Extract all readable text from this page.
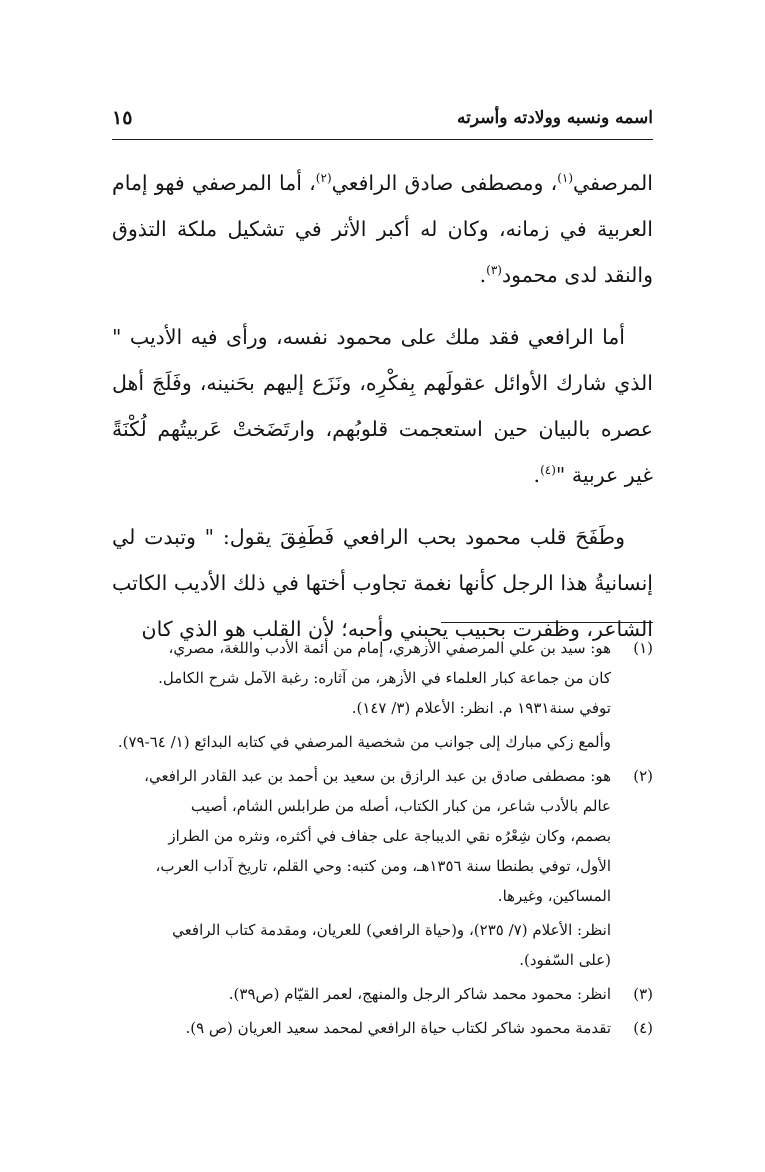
اسمه ونسبه وولادته وأسرته
١٥

المرصفي$^{(١)}$، ومصطفى صادق الرافعي$^{(٢)}$، أما المرصفي فهو إمام العربية في زمانه، وكان له أكبر الأثر في تشكيل ملكة التذوق والنقد لدى محمود$^{(٣)}$.

أما الرافعي فقد ملك على محمود نفسه، ورأى فيه الأديب " الذي شارك الأوائل عقولَهم بِفكْرِه، ونَزَع إليهم بحَنينه، وفَلَجَ أهل عصره بالبيان حين استعجمت قلوبُهم، وارتَضَختْ عَربيتُهم لُكْنَةً غير عربية "$^{(٤)}$.

وطَفَحَ قلب محمود بحب الرافعي فَطَفِقَ يقول: " وتبدت لي إنسانيةُ هذا الرجل كأنها نغمة تجاوب أختها في ذلك الأديب الكاتب الشاعر، وظفرت بحبيب يحبني وأحبه؛ لأن القلب هو الذي كان

(١)
هو: سيد بن علي المرصفي الأزهري، إمام من أئمة الأدب واللغة، مصري،
كان من جماعة كبار العلماء في الأزهر، من آثاره: رغبة الآمل شرح الكامل.
توفي سنة١٩٣١ م. انظر: الأعلام (٣/ ١٤٧).
وألمع زكي مبارك إلى جوانب من شخصية المرصفي في كتابه البدائع (١/ ٦٤-٧٩).
(٢)
هو: مصطفى صادق بن عبد الرازق بن سعيد بن أحمد بن عبد القادر الرافعي،
عالم بالأدب شاعر، من كبار الكتاب، أصله من طرابلس الشام، أصيب
بصمم، وكان شِعْرُه نقي الديباجة على جفاف في أكثره، ونثره من الطراز
الأول، توفي بطنطا سنة ١٣٥٦هـ، ومن كتبه: وحي القلم، تاريخ آداب العرب،
المساكين، وغيرها.
انظر: الأعلام (٧/ ٢٣٥)، و(حياة الرافعي) للعريان، ومقدمة كتاب الرافعي
(على السّفود).
(٣)
انظر: محمود محمد شاكر الرجل والمنهج، لعمر القيّام (ص٣٩).
(٤)
تقدمة محمود شاكر لكتاب حياة الرافعي لمحمد سعيد العريان (ص ٩).
